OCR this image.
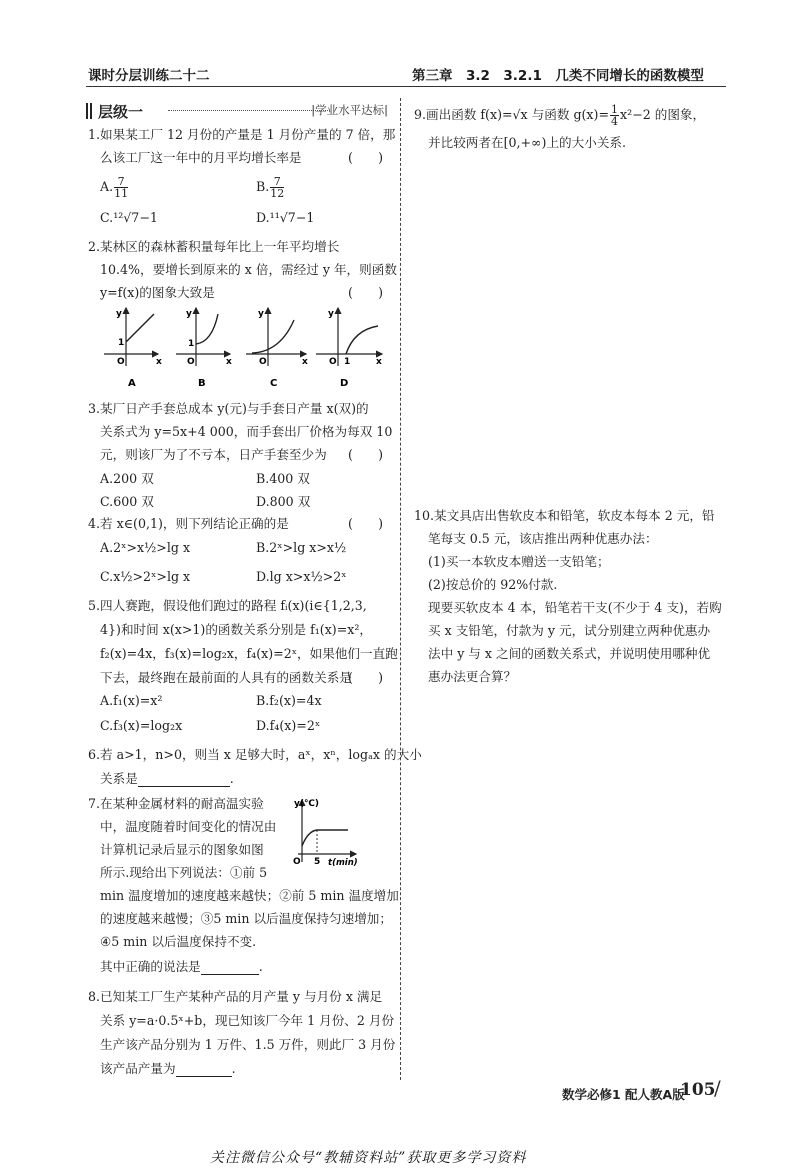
课时分层训练二十二	第三章　3.2　3.2.1　几类不同增长的函数模型
层级一	|学业水平达标|
1.如果某工厂 12 月份的产量是 1 月份产量的 7 倍，那
么该工厂这一年中的月平均增长率是	(　　)
A. $\frac{7}{11}$	B. $\frac{7}{12}$
C.¹²√7−1	D.¹¹√7−1
2.某林区的森林蓄积量每年比上一年平均增长
10.4%，要增长到原来的 x 倍，需经过 y 年，则函数
y=f(x)的图象大致是	(　　)
y
x
O
1
A
y
x
O
1
B
y
x
O
C
y
x
O 1
D
3.某厂日产手套总成本 y(元)与手套日产量 x(双)的
关系式为 y=5x+4 000，而手套出厂价格为每双 10
元，则该厂为了不亏本，日产手套至少为 (　　)
A.200 双	B.400 双
C.600 双	D.800 双
4.若 x∈(0,1)，则下列结论正确的是	(　　)
A.2ˣ>x½>lg x	B.2ˣ>lg x>x½
C.x½>2ˣ>lg x	D.lg x>x½>2ˣ
5.四人赛跑，假设他们跑过的路程 fᵢ(x)(i∈{1,2,3,
4})和时间 x(x>1)的函数关系分别是 f₁(x)=x²，
f₂(x)=4x，f₃(x)=log₂x，f₄(x)=2ˣ，如果他们一直跑
下去，最终跑在最前面的人具有的函数关系是
(　　)
A.f₁(x)=x²	B.f₂(x)=4x
C.f₃(x)=log₂x	D.f₄(x)=2ˣ
6.若 a>1，n>0，则当 x 足够大时，aˣ，xⁿ，logₐx 的大小
关系是	.
7.在某种金属材料的耐高温实验
中，温度随着时间变化的情况由
计算机记录后显示的图象如图
所示.现给出下列说法：①前 5
min 温度增加的速度越来越快；②前 5 min 温度增加
的速度越来越慢；③5 min 以后温度保持匀速增加；
④5 min 以后温度保持不变.
其中正确的说法是	.
y(℃)
t(min)
O 5
8.已知某工厂生产某种产品的月产量 y 与月份 x 满足
关系 y=a·0.5ˣ+b，现已知该厂今年 1 月份、2 月份
生产该产品分别为 1 万件、1.5 万件，则此厂 3 月份
该产品产量为	.
9.画出函数 f(x)=√x 与函数 $g(x)= \frac{1}{4} x^2-2$ 的图象，
并比较两者在[0,+∞)上的大小关系.
10.某文具店出售软皮本和铅笔，软皮本每本 2 元，铅
笔每支 0.5 元，该店推出两种优惠办法：
(1)买一本软皮本赠送一支铅笔；
(2)按总价的 92%付款.
现要买软皮本 4 本，铅笔若干支(不少于 4 支)，若购
买 x 支铅笔，付款为 y 元，试分别建立两种优惠办
法中 y 与 x 之间的函数关系式，并说明使用哪种优
惠办法更合算？
数学必修1 配人教A版
105
/
关注微信公众号“教辅资料站”获取更多学习资料
